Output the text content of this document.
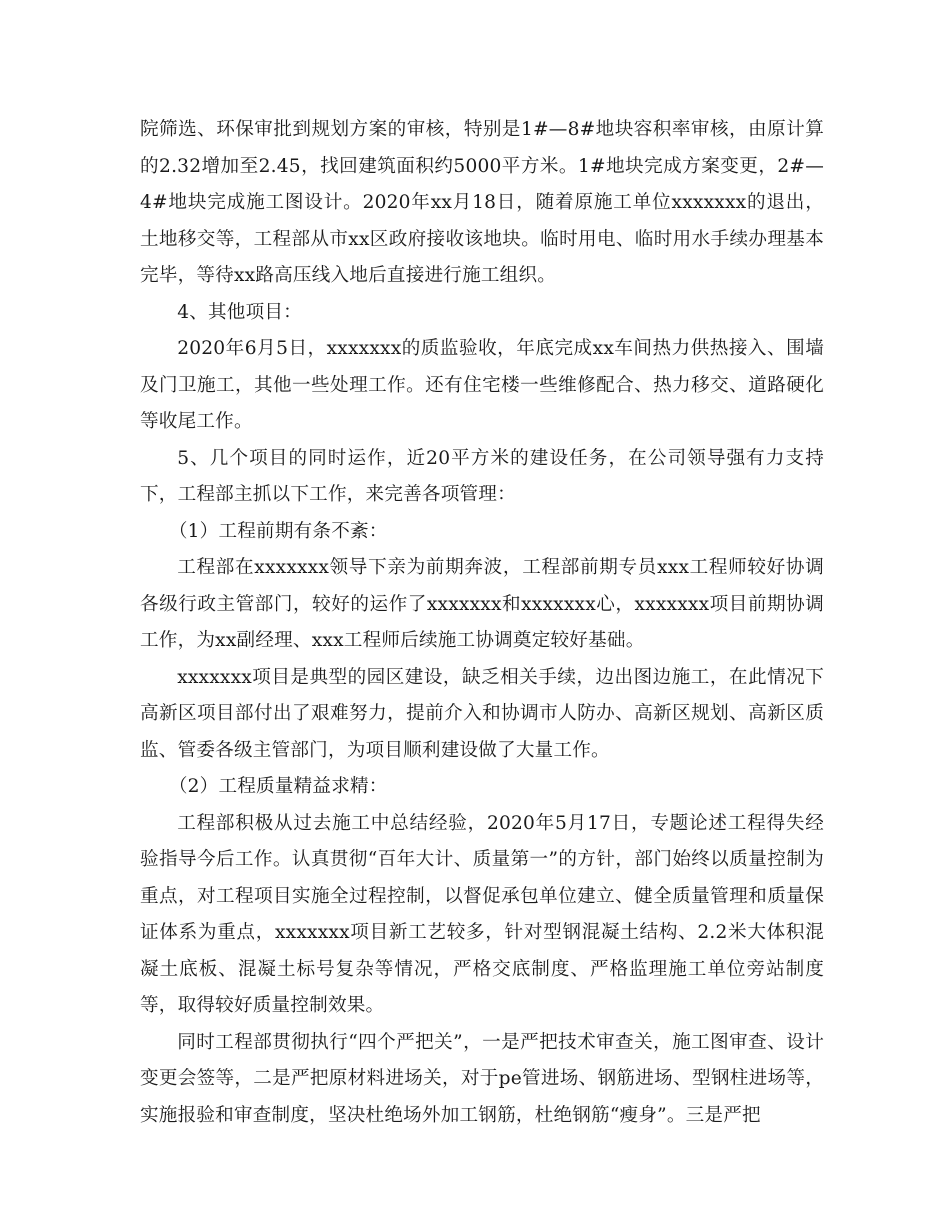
院筛选、环保审批到规划方案的审核，特别是1#—8#地块容积率审核，由原计算的2.32增加至2.45，找回建筑面积约5000平方米。1#地块完成方案变更，2#—4#地块完成施工图设计。2020年xx月18日，随着原施工单位xxxxxxx的退出，土地移交等，工程部从市xx区政府接收该地块。临时用电、临时用水手续办理基本完毕，等待xx路高压线入地后直接进行施工组织。

4、其他项目：

2020年6月5日，xxxxxxx的质监验收，年底完成xx车间热力供热接入、围墙及门卫施工，其他一些处理工作。还有住宅楼一些维修配合、热力移交、道路硬化等收尾工作。

5、几个项目的同时运作，近20平方米的建设任务，在公司领导强有力支持下，工程部主抓以下工作，来完善各项管理：

（1）工程前期有条不紊：

工程部在xxxxxxx领导下亲为前期奔波，工程部前期专员xxx工程师较好协调各级行政主管部门，较好的运作了xxxxxxx和xxxxxxx心，xxxxxxx项目前期协调工作，为xx副经理、xxx工程师后续施工协调奠定较好基础。

xxxxxxx项目是典型的园区建设，缺乏相关手续，边出图边施工，在此情况下高新区项目部付出了艰难努力，提前介入和协调市人防办、高新区规划、高新区质监、管委各级主管部门，为项目顺利建设做了大量工作。

（2）工程质量精益求精：

工程部积极从过去施工中总结经验，2020年5月17日，专题论述工程得失经验指导今后工作。认真贯彻“百年大计、质量第一”的方针，部门始终以质量控制为重点，对工程项目实施全过程控制，以督促承包单位建立、健全质量管理和质量保证体系为重点，xxxxxxx项目新工艺较多，针对型钢混凝土结构、2.2米大体积混凝土底板、混凝土标号复杂等情况，严格交底制度、严格监理施工单位旁站制度等，取得较好质量控制效果。

同时工程部贯彻执行“四个严把关”，一是严把技术审查关，施工图审查、设计变更会签等，二是严把原材料进场关，对于pe管进场、钢筋进场、型钢柱进场等，实施报验和审查制度，坚决杜绝场外加工钢筋，杜绝钢筋“瘦身”。三是严把
